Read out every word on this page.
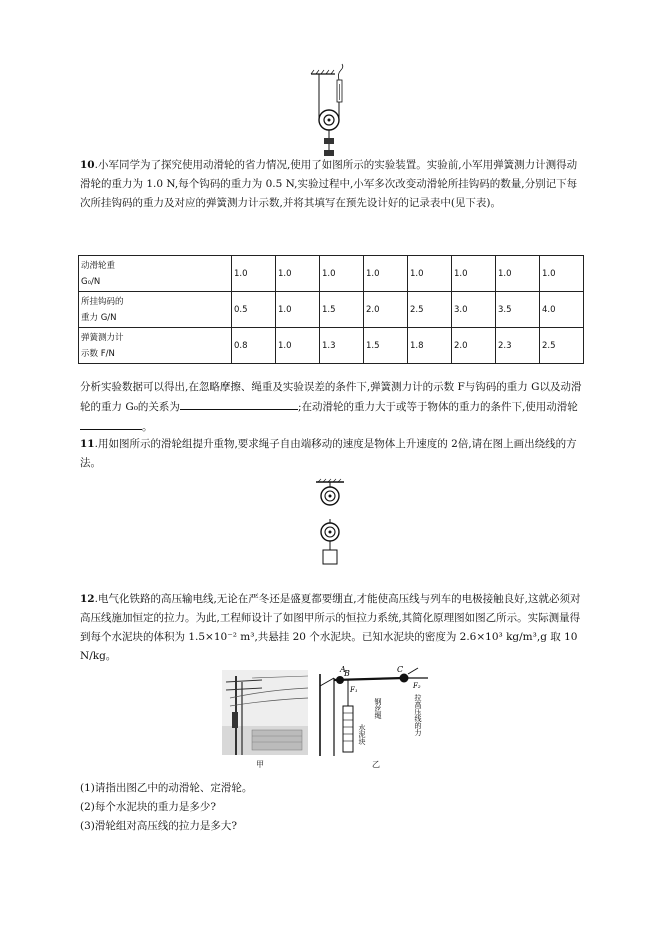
10.小军同学为了探究使用动滑轮的省力情况,使用了如图所示的实验装置。实验前,小军用弹簧测力计测得动滑轮的重力为 1.0 N,每个钩码的重力为 0.5 N,实验过程中,小军多次改变动滑轮所挂钩码的数量,分别记下每次所挂钩码的重力及对应的弹簧测力计示数,并将其填写在预先设计好的记录表中(见下表)。

动滑轮重
G₀/N	1.0	1.0	1.0	1.0	1.0	1.0	1.0	1.0
所挂钩码的
重力 G/N	0.5	1.0	1.5	2.0	2.5	3.0	3.5	4.0
弹簧测力计
示数 F/N	0.8	1.0	1.3	1.5	1.8	2.0	2.3	2.5

分析实验数据可以得出,在忽略摩擦、绳重及实验误差的条件下,弹簧测力计的示数 F与钩码的重力 G以及动滑轮的重力 G₀的关系为	;在动滑轮的重力大于或等于物体的重力的条件下,使用动滑轮。

11.用如图所示的滑轮组提升重物,要求绳子自由端移动的速度是物体上升速度的 2倍,请在图上画出绕线的方法。

12.电气化铁路的高压输电线,无论在严冬还是盛夏都要绷直,才能使高压线与列车的电极接触良好,这就必须对高压线施加恒定的拉力。为此,工程师设计了如图甲所示的恒拉力系统,其简化原理图如图乙所示。实际测量得到每个水泥块的体积为 1.5×10⁻² m³,共悬挂 20 个水泥块。已知水泥块的密度为 2.6×10³ kg/m³,g 取 10 N/kg。

甲
A
B	C
F₁	F₂
钢丝绳	拉高压线的力
水泥块
乙

(1)请指出图乙中的动滑轮、定滑轮。

(2)每个水泥块的重力是多少?

(3)滑轮组对高压线的拉力是多大?
